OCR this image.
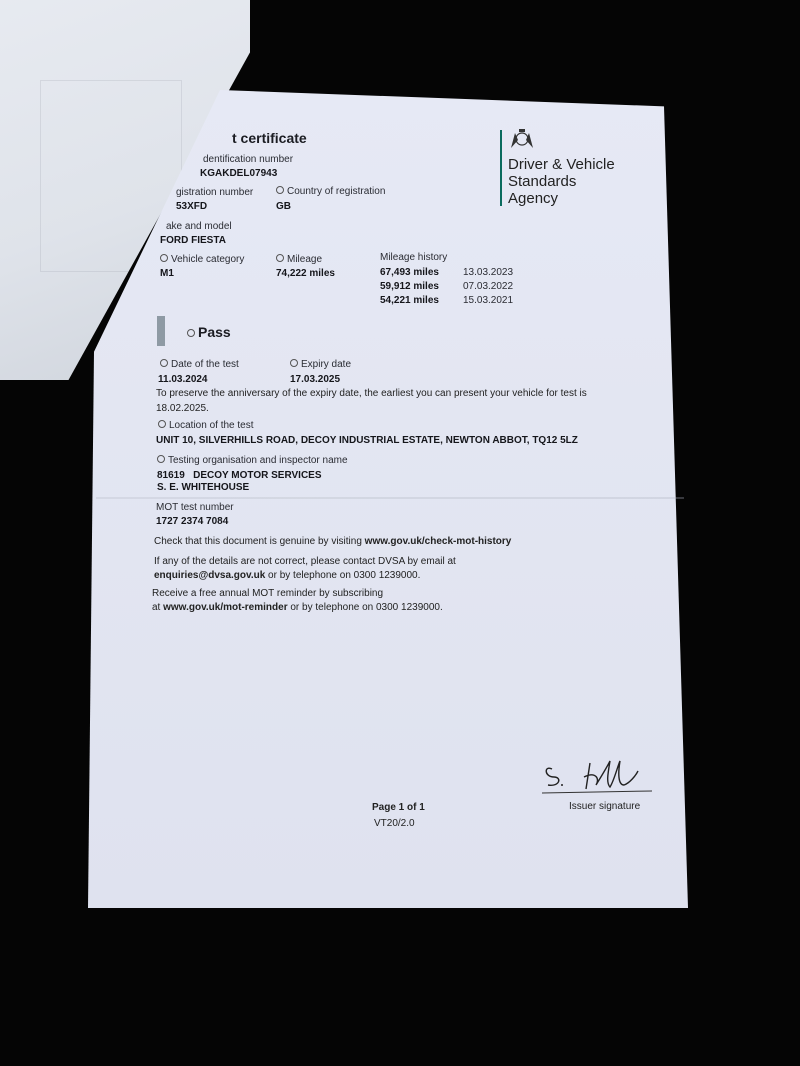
t certificate
dentification number
KGAKDEL07943
gistration number
53XFD
Country of registration
GB
ake and model
FORD FIESTA
Vehicle category
M1
Mileage
74,222 miles
Mileage history
67,493 miles 13.03.2023
59,912 miles 07.03.2022
54,221 miles 15.03.2021
Driver & Vehicle
Standards
Agency
Pass
Date of the test
11.03.2024
Expiry date
17.03.2025
To preserve the anniversary of the expiry date, the earliest you can present your vehicle for test is
18.02.2025.
Location of the test
UNIT 10, SILVERHILLS ROAD, DECOY INDUSTRIAL ESTATE, NEWTON ABBOT, TQ12 5LZ
Testing organisation and inspector name
81619   DECOY MOTOR SERVICES
S. E. WHITEHOUSE
MOT test number
1727 2374 7084
Check that this document is genuine by visiting www.gov.uk/check-mot-history
If any of the details are not correct, please contact DVSA by email at
enquiries@dvsa.gov.uk or by telephone on 0300 1239000.
Receive a free annual MOT reminder by subscribing
at www.gov.uk/mot-reminder or by telephone on 0300 1239000.
Issuer signature
Page 1 of 1
VT20/2.0
